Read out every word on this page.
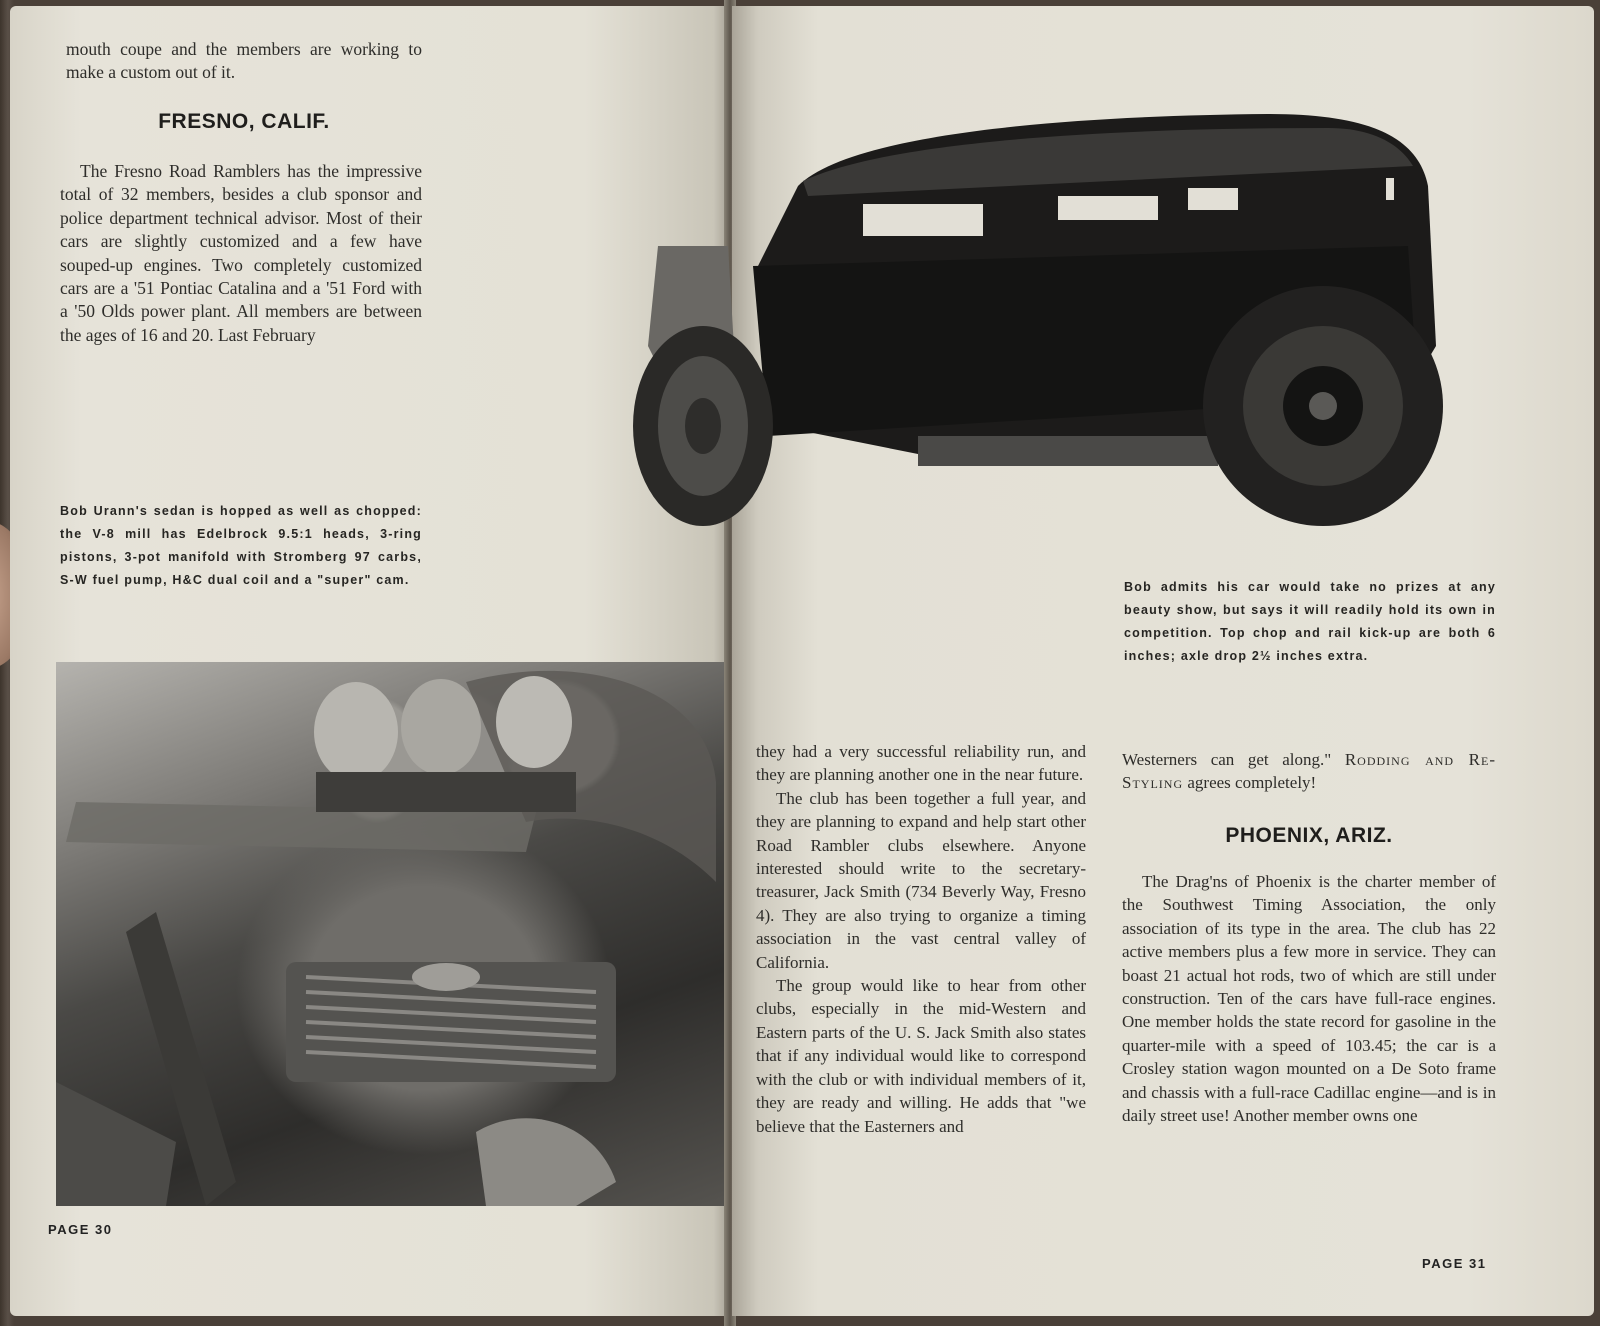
mouth coupe and the members are working to make a custom out of it.

FRESNO, CALIF.

The Fresno Road Ramblers has the impressive total of 32 members, besides a club sponsor and police department technical advisor. Most of their cars are slightly customized and a few have souped-up engines. Two completely customized cars are a '51 Pontiac Catalina and a '51 Ford with a '50 Olds power plant. All members are between the ages of 16 and 20. Last February

Bob Urann's sedan is hopped as well as chopped: the V-8 mill has Edelbrock 9.5:1 heads, 3-ring pistons, 3-pot manifold with Stromberg 97 carbs, S-W fuel pump, H&C dual coil and a "super" cam.

PAGE 30

Bob admits his car would take no prizes at any beauty show, but says it will readily hold its own in competition. Top chop and rail kick-up are both 6 inches; axle drop 2½ inches extra.

they had a very successful reliability run, and they are planning another one in the near future.

The club has been together a full year, and they are planning to expand and help start other Road Rambler clubs elsewhere. Anyone interested should write to the secretary-treasurer, Jack Smith (734 Beverly Way, Fresno 4). They are also trying to organize a timing association in the vast central valley of California.

The group would like to hear from other clubs, especially in the mid-Western and Eastern parts of the U. S. Jack Smith also states that if any individual would like to correspond with the club or with individual members of it, they are ready and willing. He adds that "we believe that the Easterners and

Westerners can get along." Rodding and Re-Styling agrees completely!

PHOENIX, ARIZ.

The Drag'ns of Phoenix is the charter member of the Southwest Timing Association, the only association of its type in the area. The club has 22 active members plus a few more in service. They can boast 21 actual hot rods, two of which are still under construction. Ten of the cars have full-race engines. One member holds the state record for gasoline in the quarter-mile with a speed of 103.45; the car is a Crosley station wagon mounted on a De Soto frame and chassis with a full-race Cadillac engine—and is in daily street use! Another member owns one

PAGE 31
